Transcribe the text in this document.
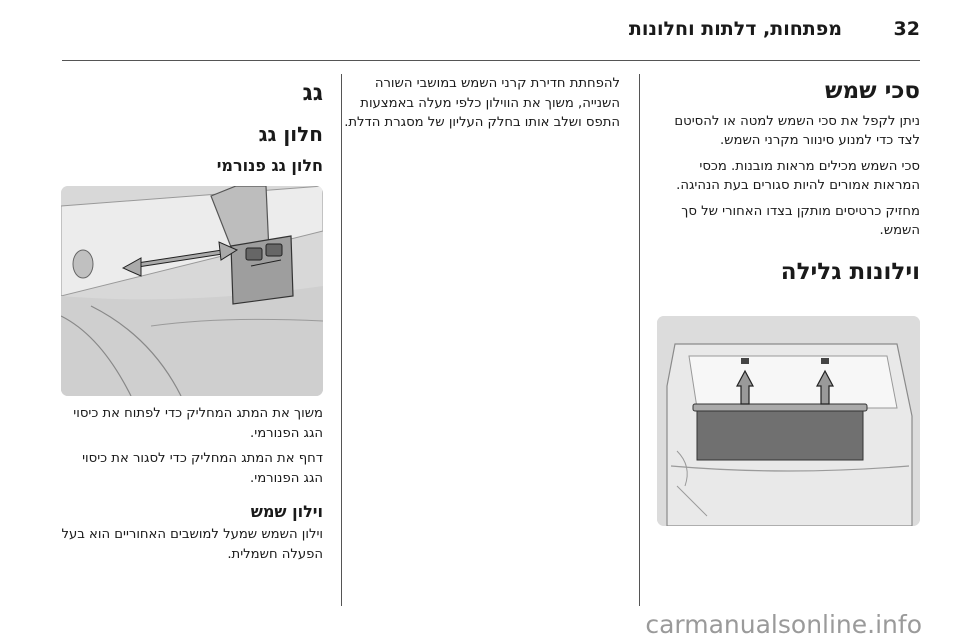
מפתחות, דלתות וחלונות	32
סכי שמש
ניתן לקפל את סכי השמש למטה או להסיטם לצד כדי למנוע סינוור מקרני השמש.
סכי השמש מכילים מראות מובנות. מכסי המראות אמורים להיות סגורים בעת הנהיגה.
מחזיק כרטיסים מותקן בצדו האחורי של סך השמש.
וילונות גלילה
להפחתת חדירת קרני השמש במושבי השורה השנייה, משוך את הווילון כלפי מעלה באמצעות התפס ושלב אותו בחלק העליון של מסגרת הדלת.
גג
חלון גג
חלון גג פנורמי
משוך את המתג המחליק כדי לפתוח את כיסוי הגג הפנורמי.
דחף את המתג המחליק כדי לסגור את כיסוי הגג הפנורמי.
וילון שמש
וילון השמש שמעל למושבים האחוריים הוא בעל הפעלה חשמלית.
carmanualsonline.info
